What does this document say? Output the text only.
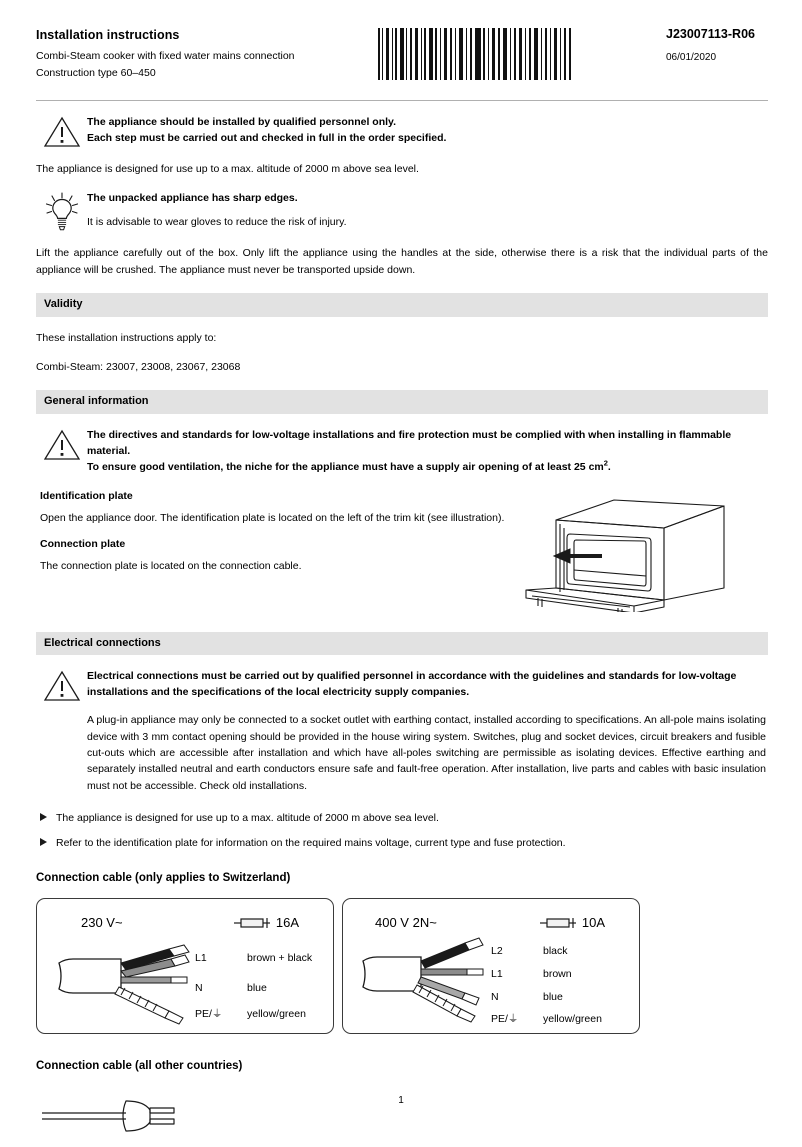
Installation instructions
Combi-Steam cooker with fixed water mains connection
Construction type 60–450
J23007113-R06
06/01/2020

The appliance should be installed by qualified personnel only.

Each step must be carried out and checked in full in the order specified.

The appliance is designed for use up to a max. altitude of 2000 m above sea level.

The unpacked appliance has sharp edges.

It is advisable to wear gloves to reduce the risk of injury.

Lift the appliance carefully out of the box. Only lift the appliance using the handles at the side, otherwise there is a risk that the individual parts of the appliance will be crushed. The appliance must never be transported upside down.

Validity

These installation instructions apply to:

Combi-Steam: 23007, 23008, 23067, 23068

General information

The directives and standards for low-voltage installations and fire protection must be complied with when installing in flammable material.

To ensure good ventilation, the niche for the appliance must have a supply air opening of at least 25 $cm^2$.

Identification plate

Open the appliance door. The identification plate is located on the left of the trim kit (see illustration).

Connection plate

The connection plate is located on the connection cable.

Electrical connections
Electrical connections must be carried out by qualified personnel in accordance with the guidelines and standards for low-voltage installations and the specifications of the local electricity supply companies.
A plug-in appliance may only be connected to a socket outlet with earthing contact, installed according to specifications. An all-pole mains isolating device with 3 mm contact opening should be provided in the house wiring system. Switches, plug and socket devices, circuit breakers and fusible cut-outs which are accessible after installation and which have all-poles switching are permissible as isolating devices. Effective earthing and separately installed neutral and earth conductors ensure safe and fault-free operation. After installation, live parts and cables with basic insulation must not be accessible. Check old installations.
The appliance is designed for use up to a max. altitude of 2000 m above sea level.
Refer to the identification plate for information on the required mains voltage, current type and fuse protection.
Connection cable (only applies to Switzerland)
230 V~	16A
L1	brown + black
N	blue
PE/⏚	yellow/green
400 V 2N~	10A
L2	black
L1	brown
N	blue
PE/⏚	yellow/green
Connection cable (all other countries)
1
